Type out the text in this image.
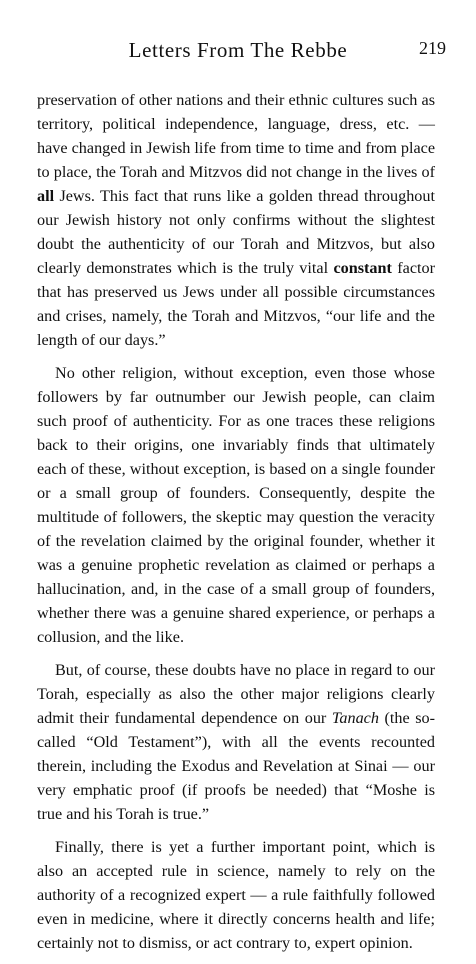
Letters From The Rebbe	219

preservation of other nations and their ethnic cultures such as territory, political independence, language, dress, etc. — have changed in Jewish life from time to time and from place to place, the Torah and Mitzvos did not change in the lives of all Jews. This fact that runs like a golden thread throughout our Jewish history not only confirms without the slightest doubt the authenticity of our Torah and Mitzvos, but also clearly demonstrates which is the truly vital constant factor that has preserved us Jews under all possible circumstances and crises, namely, the Torah and Mitzvos, “our life and the length of our days.”

No other religion, without exception, even those whose followers by far outnumber our Jewish people, can claim such proof of authenticity. For as one traces these religions back to their origins, one invariably finds that ultimately each of these, without exception, is based on a single founder or a small group of founders. Consequently, despite the multitude of followers, the skeptic may question the veracity of the revelation claimed by the original founder, whether it was a genuine prophetic revelation as claimed or perhaps a hallucination, and, in the case of a small group of founders, whether there was a genuine shared experience, or perhaps a collusion, and the like.

But, of course, these doubts have no place in regard to our Torah, especially as also the other major religions clearly admit their fundamental dependence on our Tanach (the so-called “Old Testament”), with all the events recounted therein, including the Exodus and Revelation at Sinai — our very emphatic proof (if proofs be needed) that “Moshe is true and his Torah is true.”

Finally, there is yet a further important point, which is also an accepted rule in science, namely to rely on the authority of a recognized expert — a rule faithfully followed even in medicine, where it directly concerns health and life; certainly not to dismiss, or act contrary to, expert opinion.
